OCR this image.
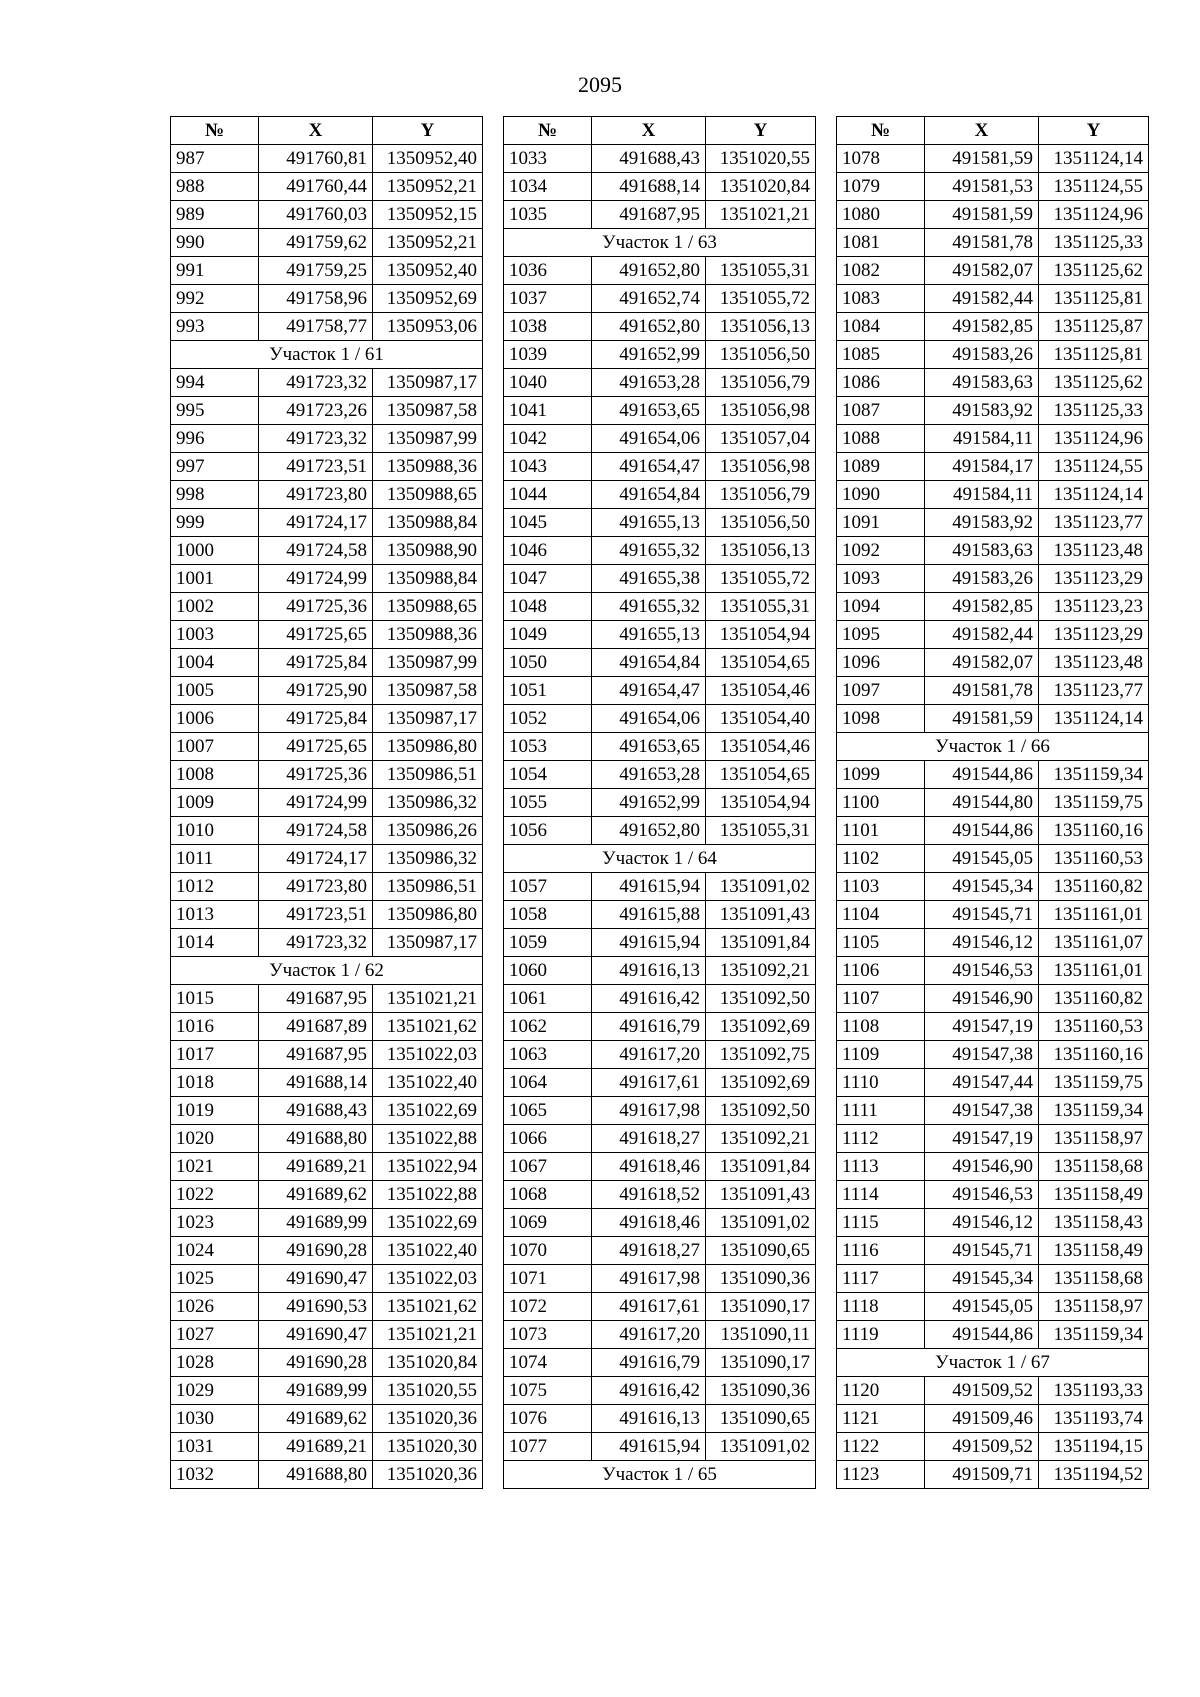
2095
№	X	Y
987	491760,81	1350952,40
988	491760,44	1350952,21
989	491760,03	1350952,15
990	491759,62	1350952,21
991	491759,25	1350952,40
992	491758,96	1350952,69
993	491758,77	1350953,06
Участок 1 / 61		
994	491723,32	1350987,17
995	491723,26	1350987,58
996	491723,32	1350987,99
997	491723,51	1350988,36
998	491723,80	1350988,65
999	491724,17	1350988,84
1000	491724,58	1350988,90
1001	491724,99	1350988,84
1002	491725,36	1350988,65
1003	491725,65	1350988,36
1004	491725,84	1350987,99
1005	491725,90	1350987,58
1006	491725,84	1350987,17
1007	491725,65	1350986,80
1008	491725,36	1350986,51
1009	491724,99	1350986,32
1010	491724,58	1350986,26
1011	491724,17	1350986,32
1012	491723,80	1350986,51
1013	491723,51	1350986,80
1014	491723,32	1350987,17
Участок 1 / 62		
1015	491687,95	1351021,21
1016	491687,89	1351021,62
1017	491687,95	1351022,03
1018	491688,14	1351022,40
1019	491688,43	1351022,69
1020	491688,80	1351022,88
1021	491689,21	1351022,94
1022	491689,62	1351022,88
1023	491689,99	1351022,69
1024	491690,28	1351022,40
1025	491690,47	1351022,03
1026	491690,53	1351021,62
1027	491690,47	1351021,21
1028	491690,28	1351020,84
1029	491689,99	1351020,55
1030	491689,62	1351020,36
1031	491689,21	1351020,30
1032	491688,80	1351020,36
№	X	Y
1033	491688,43	1351020,55
1034	491688,14	1351020,84
1035	491687,95	1351021,21
Участок 1 / 63		
1036	491652,80	1351055,31
1037	491652,74	1351055,72
1038	491652,80	1351056,13
1039	491652,99	1351056,50
1040	491653,28	1351056,79
1041	491653,65	1351056,98
1042	491654,06	1351057,04
1043	491654,47	1351056,98
1044	491654,84	1351056,79
1045	491655,13	1351056,50
1046	491655,32	1351056,13
1047	491655,38	1351055,72
1048	491655,32	1351055,31
1049	491655,13	1351054,94
1050	491654,84	1351054,65
1051	491654,47	1351054,46
1052	491654,06	1351054,40
1053	491653,65	1351054,46
1054	491653,28	1351054,65
1055	491652,99	1351054,94
1056	491652,80	1351055,31
Участок 1 / 64		
1057	491615,94	1351091,02
1058	491615,88	1351091,43
1059	491615,94	1351091,84
1060	491616,13	1351092,21
1061	491616,42	1351092,50
1062	491616,79	1351092,69
1063	491617,20	1351092,75
1064	491617,61	1351092,69
1065	491617,98	1351092,50
1066	491618,27	1351092,21
1067	491618,46	1351091,84
1068	491618,52	1351091,43
1069	491618,46	1351091,02
1070	491618,27	1351090,65
1071	491617,98	1351090,36
1072	491617,61	1351090,17
1073	491617,20	1351090,11
1074	491616,79	1351090,17
1075	491616,42	1351090,36
1076	491616,13	1351090,65
1077	491615,94	1351091,02
Участок 1 / 65		
№	X	Y
1078	491581,59	1351124,14
1079	491581,53	1351124,55
1080	491581,59	1351124,96
1081	491581,78	1351125,33
1082	491582,07	1351125,62
1083	491582,44	1351125,81
1084	491582,85	1351125,87
1085	491583,26	1351125,81
1086	491583,63	1351125,62
1087	491583,92	1351125,33
1088	491584,11	1351124,96
1089	491584,17	1351124,55
1090	491584,11	1351124,14
1091	491583,92	1351123,77
1092	491583,63	1351123,48
1093	491583,26	1351123,29
1094	491582,85	1351123,23
1095	491582,44	1351123,29
1096	491582,07	1351123,48
1097	491581,78	1351123,77
1098	491581,59	1351124,14
Участок 1 / 66		
1099	491544,86	1351159,34
1100	491544,80	1351159,75
1101	491544,86	1351160,16
1102	491545,05	1351160,53
1103	491545,34	1351160,82
1104	491545,71	1351161,01
1105	491546,12	1351161,07
1106	491546,53	1351161,01
1107	491546,90	1351160,82
1108	491547,19	1351160,53
1109	491547,38	1351160,16
1110	491547,44	1351159,75
1111	491547,38	1351159,34
1112	491547,19	1351158,97
1113	491546,90	1351158,68
1114	491546,53	1351158,49
1115	491546,12	1351158,43
1116	491545,71	1351158,49
1117	491545,34	1351158,68
1118	491545,05	1351158,97
1119	491544,86	1351159,34
Участок 1 / 67		
1120	491509,52	1351193,33
1121	491509,46	1351193,74
1122	491509,52	1351194,15
1123	491509,71	1351194,52
